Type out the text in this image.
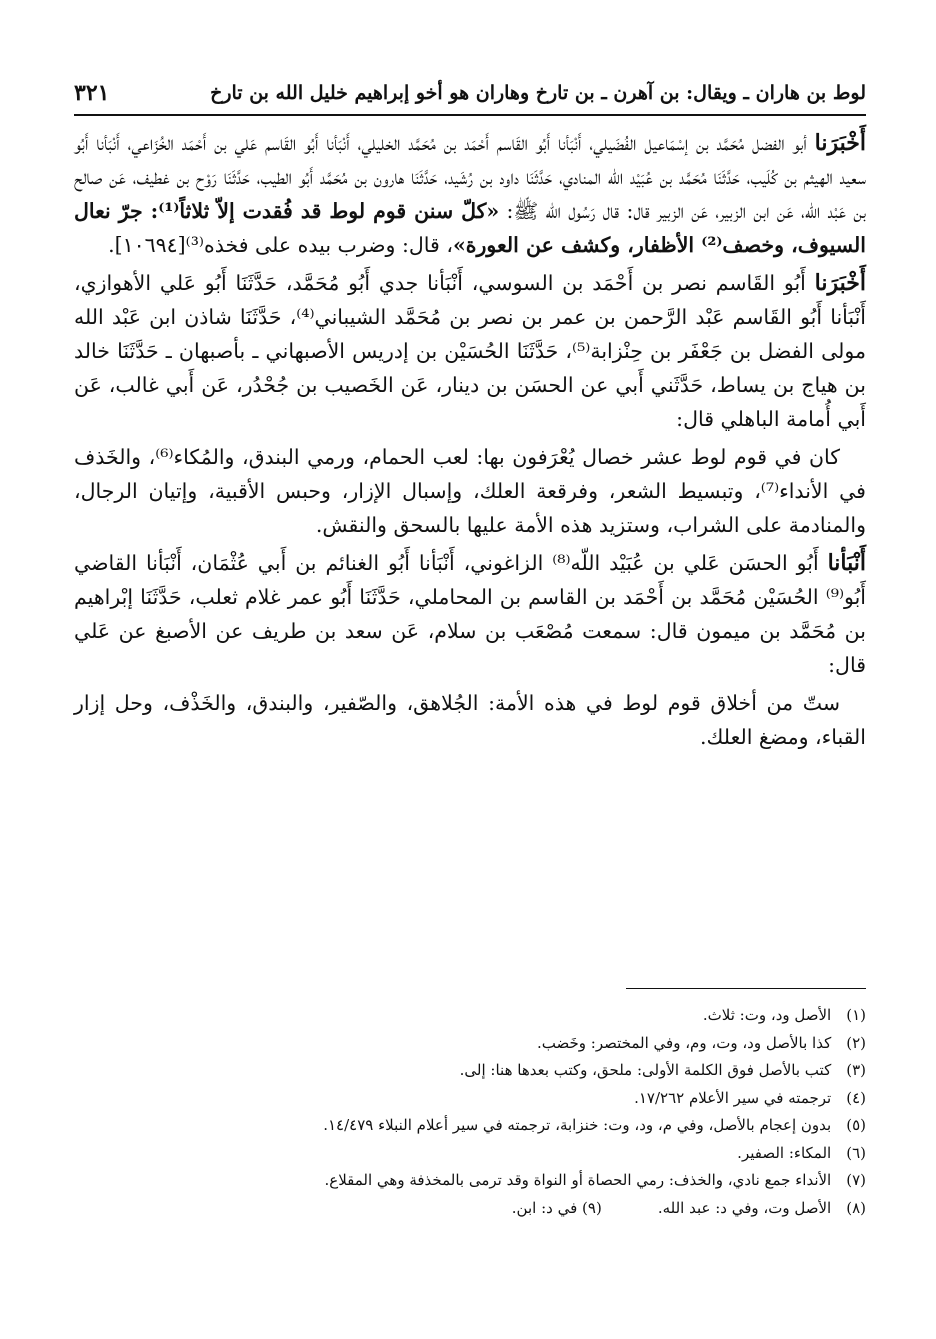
لوط بن هاران ـ ويقال: بن آهرن ـ بن تارخ وهاران هو أخو إبراهيم خليل الله بن تارخ
٣٢١

أَخْبَرَنا أبو الفضل مُحَمَّد بن إسْمَاعيل الفُضَيلي، أَنْبَأنا أَبُو القَاسم أَحْمَد بن مُحَمَّد الخليلي، أَنْبَأنا أَبُو القَاسم عَلي بن أَحْمَد الخُزَاعي، أَنْبَأنا أَبُو سعيد الهيثم بن كُلَيب، حَدَّثَنَا مُحَمَّد بن عُبَيْد الله المنادي، حَدَّثَنَا داود بن رُشَيد، حَدَّثَنَا هارون بن مُحَمَّد أَبُو الطيب، حَدَّثَنَا رَوْح بن غطيف، عَن صالح بن عَبْد اللّه، عَن ابن الزبير، عَن الزبير قال: قال رَسُول الله ﷺ: «كلّ سنن قوم لوط قد فُقدت إلاّ ثلاثاً⁽¹⁾: جرّ نعال السيوف، وخصف⁽²⁾ الأظفار، وكشف عن العورة»، قال: وضرب بيده على فخذه⁽³⁾[١٠٦٩٤].

أَخْبَرَنا أَبُو القَاسم نصر بن أَحْمَد بن السوسي، أَنْبَأنا جدي أَبُو مُحَمَّد، حَدَّثَنَا أَبُو عَلي الأهوازي، أَنْبَأنا أَبُو القَاسم عَبْد الرَّحمن بن عمر بن نصر بن مُحَمَّد الشيباني⁽⁴⁾، حَدَّثَنَا شاذن ابن عَبْد الله مولى الفضل بن جَعْفَر بن حِنْزابة⁽⁵⁾، حَدَّثَنَا الحُسَيْن بن إدريس الأصبهاني ـ بأصبهان ـ حَدَّثَنَا خالد بن هياج بن يساط، حَدَّثَني أَبي عن الحسَن بن دينار، عَن الخَصيب بن جُحْدُر، عَن أَبي غالب، عَن أَبي أُمامة الباهلي قال:

كان في قوم لوط عشر خصال يُعْرَفون بها: لعب الحمام، ورمي البندق، والمُكاء⁽⁶⁾، والخَذف في الأنداء⁽⁷⁾، وتبسيط الشعر، وفرقعة العلك، وإسبال الإزار، وحبس الأقبية، وإتيان الرجال، والمنادمة على الشراب، وستزيد هذه الأمة عليها بالسحق والنقش.

أَنْبَأنا أَبُو الحسَن عَلي بن عُبَيْد اللّه⁽⁸⁾ الزاغوني، أَنْبَأنا أَبُو الغنائم بن أَبي عُثْمَان، أَنْبَأنا القاضي أَبُو⁽⁹⁾ الحُسَيْن مُحَمَّد بن أَحْمَد بن القاسم بن المحاملي، حَدَّثَنَا أَبُو عمر غلام ثعلب، حَدَّثَنَا إبْراهيم بن مُحَمَّد بن ميمون قال: سمعت مُصْعَب بن سلام، عَن سعد بن طريف عن الأصبغ عن عَلي قال:

ستّ من أخلاق قوم لوط في هذه الأمة: الجُلاهق، والصّفير، والبندق، والخَذْف، وحل إزار القباء، ومضغ العلك.

(١) الأصل ود، وت: ثلاث.
(٢) كذا بالأصل ود، وت، وم، وفي المختصر: وخَضب.
(٣) كتب بالأصل فوق الكلمة الأولى: ملحق، وكتب بعدها هنا: إلى.
(٤) ترجمته في سير الأعلام ١٧/٢٦٢.
(٥) بدون إعجام بالأصل، وفي م، ود، وت: خنزابة، ترجمته في سير أعلام النبلاء ١٤/٤٧٩.
(٦) المكاء: الصفير.
(٧) الأنداء جمع نادي، والخذف: رمي الحصاة أو النواة وقد ترمى بالمخذفة وهي المقلاع.
(٨) الأصل وت، وفي د: عبد الله.(٩) في د: ابن.
